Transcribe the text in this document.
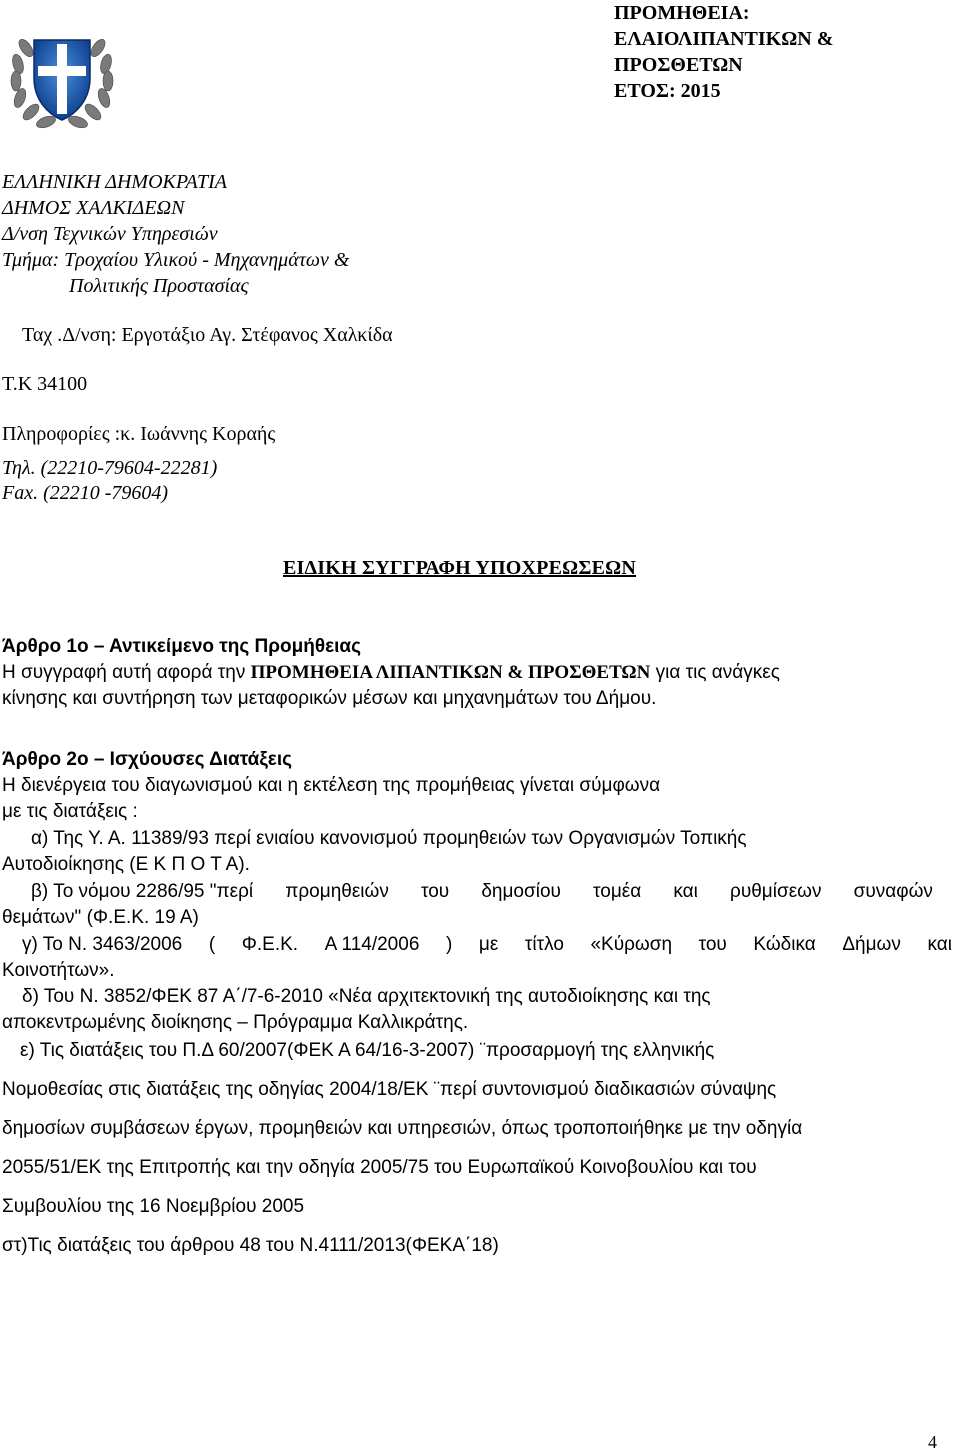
ΠΡΟΜΗΘΕΙΑ:
ΕΛΑΙΟΛΙΠΑΝΤΙΚΩΝ &
ΠΡΟΣΘΕΤΩΝ
ΕΤΟΣ: 2015
ΕΛΛΗΝΙΚΗ ΔΗΜΟΚΡΑΤΙΑ
ΔΗΜΟΣ ΧΑΛΚΙΔΕΩΝ
Δ/νση Τεχνικών Υπηρεσιών
Τμήμα: Τροχαίου Υλικού - Μηχανημάτων &
Πολιτικής Προστασίας
Ταχ .Δ/νση: Εργοτάξιο Αγ. Στέφανος Χαλκίδα
Τ.Κ 34100
Πληροφορίες :κ. Ιωάννης Κοραής
Τηλ. (22210-79604-22281)
Fax. (22210 -79604)
ΕΙΔΙΚΗ ΣΥΓΓΡΑΦΗ ΥΠΟΧΡΕΩΣΕΩΝ
Άρθρο 1ο – Αντικείμενο της Προμήθειας
Η συγγραφή αυτή αφορά την ΠΡΟΜΗΘΕΙΑ ΛΙΠΑΝΤΙΚΩΝ & ΠΡΟΣΘΕΤΩΝ για τις ανάγκες
κίνησης και συντήρηση των μεταφορικών μέσων και μηχανημάτων του Δήμου.
Άρθρο 2ο – Ισχύουσες Διατάξεις
Η διενέργεια του διαγωνισμού και η εκτέλεση της προμήθειας γίνεται σύμφωνα
με τις διατάξεις :
α) Της Υ. Α. 11389/93 περί ενιαίου κανονισμού προμηθειών των Οργανισμών Τοπικής
Αυτοδιοίκησης (Ε Κ Π Ο Τ Α).
β) Το νόμου 2286/95 "περί προμηθειών του δημοσίου τομέα και ρυθμίσεων συναφών
θεμάτων" (Φ.Ε.Κ. 19 Α)
γ) Το Ν. 3463/2006 ( Φ.Ε.Κ. Α 114/2006 ) με τίτλο «Κύρωση του Κώδικα Δήμων και
Κοινοτήτων».
δ) Του Ν. 3852/ΦΕΚ 87 Α΄/7-6-2010 «Νέα αρχιτεκτονική της αυτοδιοίκησης και της
αποκεντρωμένης διοίκησης – Πρόγραμμα Καλλικράτης.
ε) Τις διατάξεις του Π.Δ 60/2007(ΦΕΚ Α 64/16-3-2007) ¨προσαρμογή της ελληνικής
Νομοθεσίας στις διατάξεις της οδηγίας 2004/18/ΕΚ ¨περί συντονισμού διαδικασιών σύναψης
δημοσίων συμβάσεων έργων, προμηθειών και υπηρεσιών, όπως τροποποιήθηκε με την οδηγία
2055/51/ΕΚ της Επιτροπής και την οδηγία 2005/75 του Ευρωπαϊκού Κοινοβουλίου και του
Συμβουλίου της 16 Νοεμβρίου 2005
στ)Τις διατάξεις του άρθρου 48 του Ν.4111/2013(ΦΕΚΑ΄18)
4
